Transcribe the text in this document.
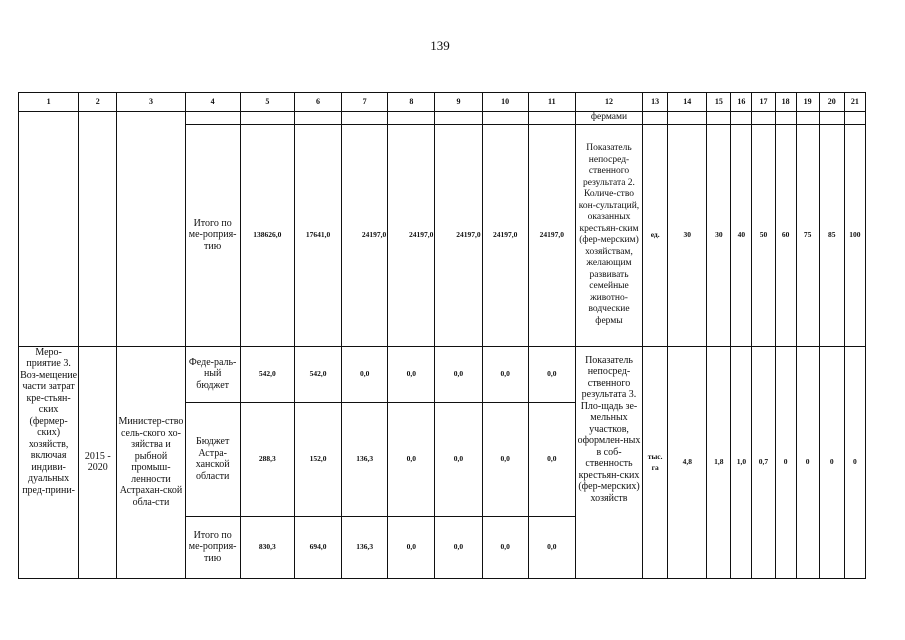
139
1	2	3	4	5	6	7	8	9	10	11	12	13	14	15	16	17	18	19	20	21
											фермами									
			Итого по ме-роприя-тию	138626,0	17641,0	24197,0	24197,0	24197,0	24197,0	24197,0	Показатель непосред-ственного результата 2. Количе-ство кон-сультаций, оказанных крестьян-ским (фер-мерским) хозяйствам, желающим развивать семейные животно-водческие фермы	ед.	30	30	40	50	60	75	85	100
Меро-приятие 3. Воз-мещение части затрат кре-стьян-ских (фермер-ских) хозяйств, включая индиви-дуальных пред-прини-	2015 - 2020	Министер-ство сель-ского хо-зяйства и рыбной промыш-ленности Астрахан-ской обла-сти	Феде-раль-ный бюджет	542,0	542,0	0,0	0,0	0,0	0,0	0,0	Показатель непосред-ственного результата 3. Пло-щадь зе-мельных участков, оформлен-ных в соб-ственность крестьян-ских (фер-мерских) хозяйств	тыс. га	4,8	1,8	1,0	0,7	0	0	0	0
			Бюджет Астра-ханской области	288,3	152,0	136,3	0,0	0,0	0,0	0,0										
			Итого по ме-роприя-тию	830,3	694,0	136,3	0,0	0,0	0,0	0,0										
